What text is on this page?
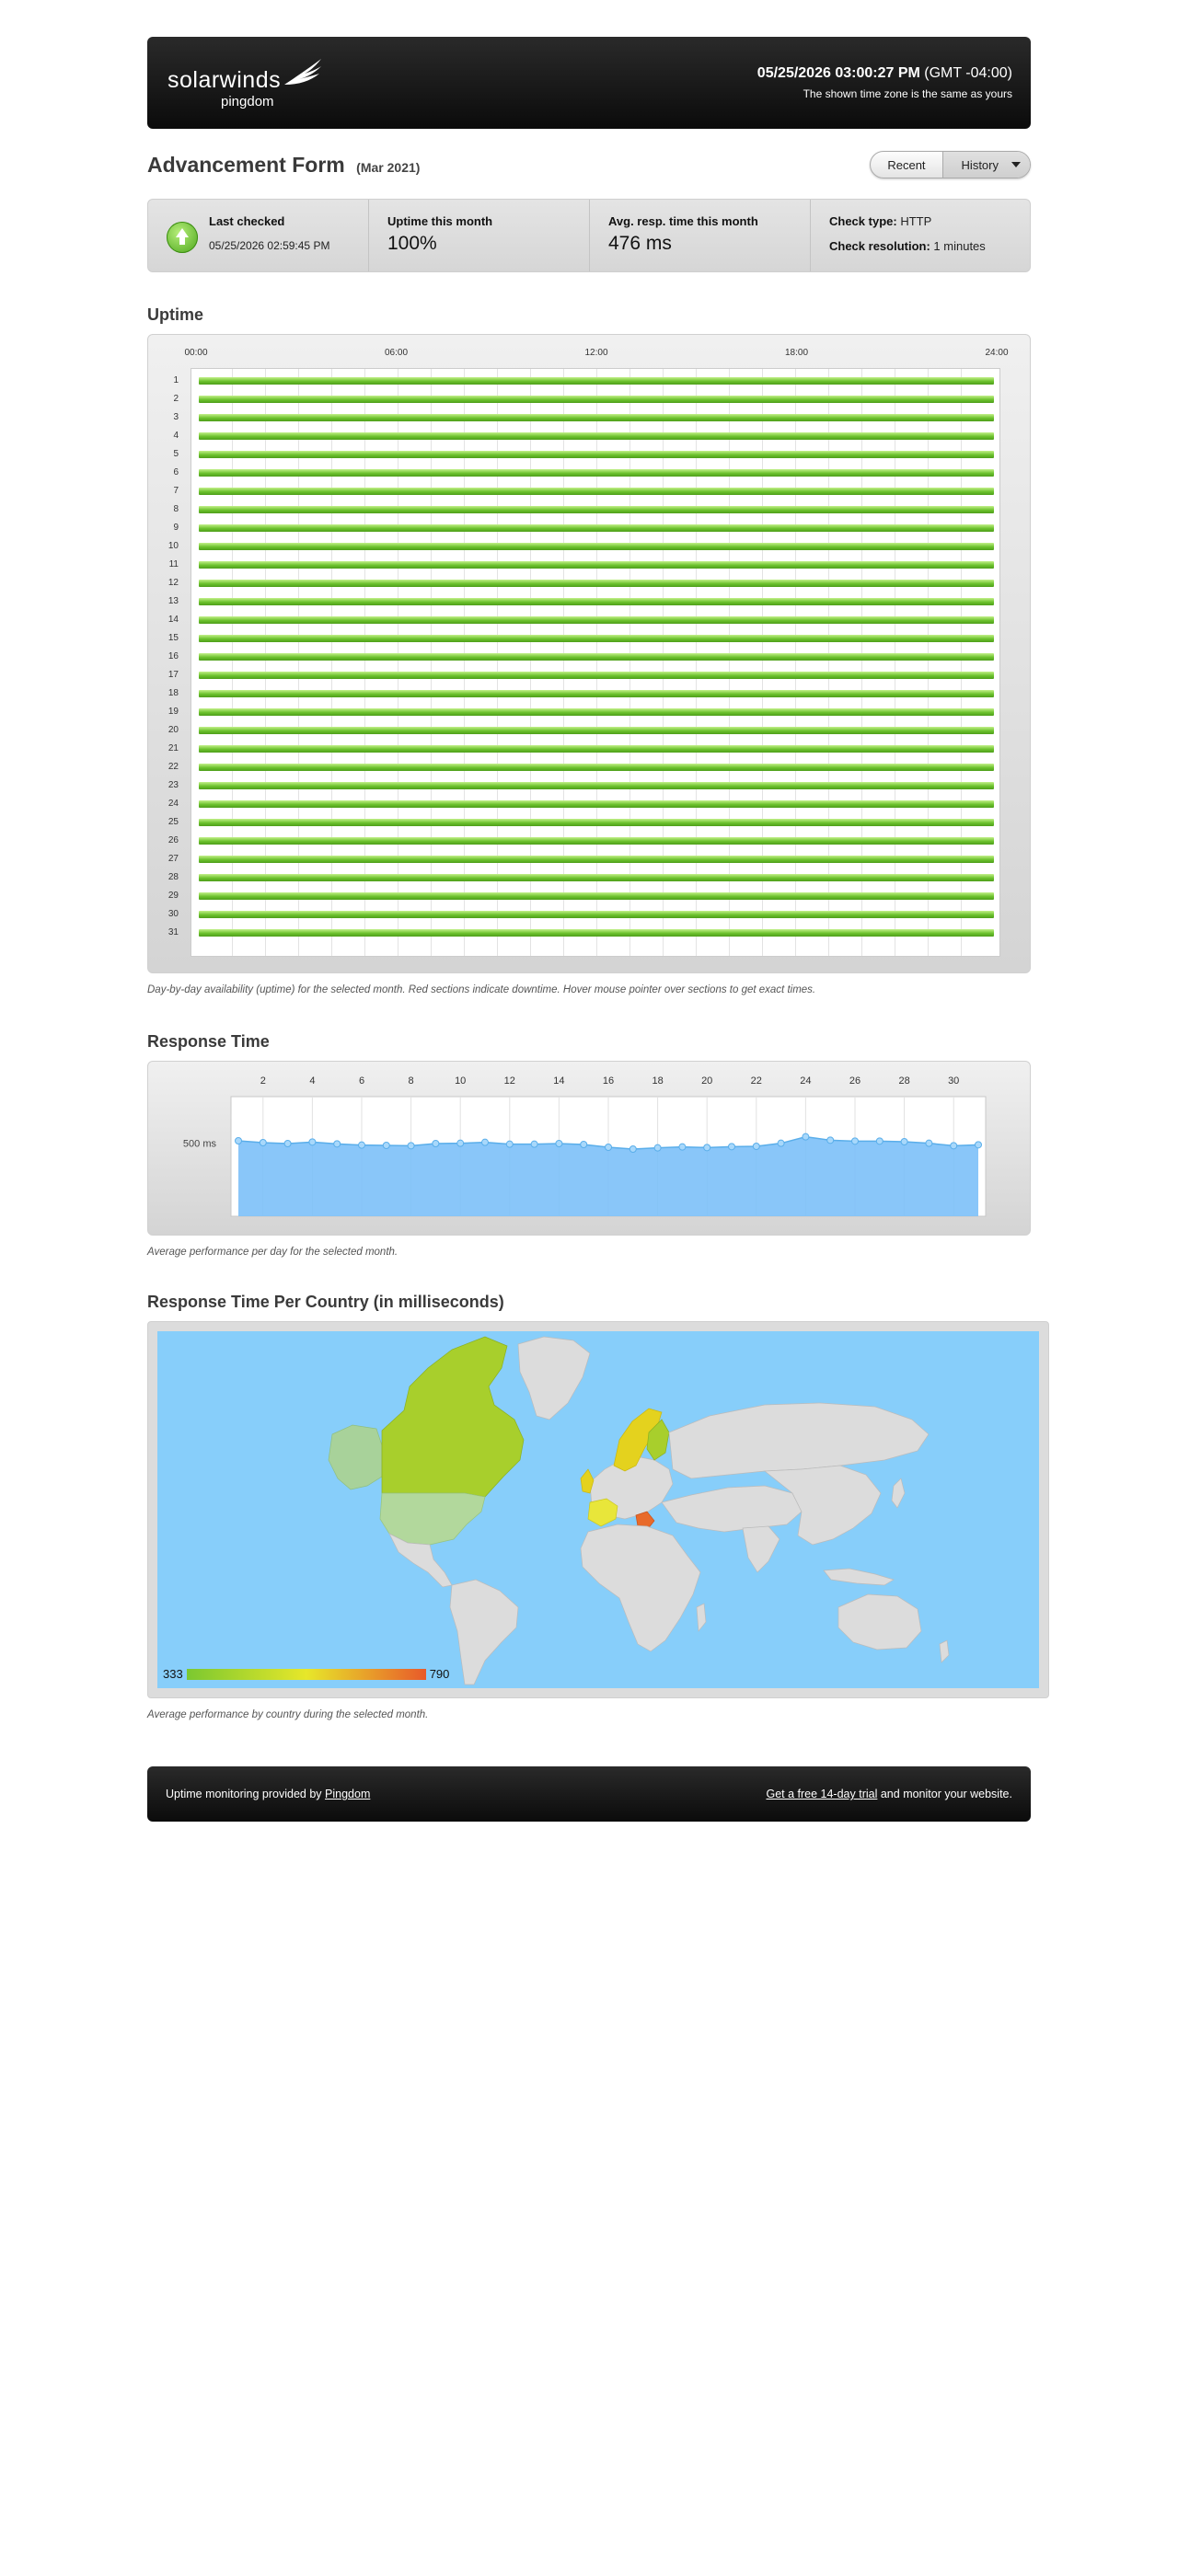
solarwinds
pingdom
05/25/2026 03:00:27 PM (GMT -04:00)
The shown time zone is the same as yours
Advancement Form (Mar 2021)	Recent	History
Last checked
05/25/2026 02:59:45 PM
Uptime this month
100%
Avg. resp. time this month
476 ms
Check type: HTTP
Check resolution: 1 minutes
Uptime
00:00	06:00	12:00	18:00	24:00
1
2
3
4
5
6
7
8
9
10
11
12
13
14
15
16
17
18
19
20
21
22
23
24
25
26
27
28
29
30
31
Day-by-day availability (uptime) for the selected month. Red sections indicate downtime. Hover mouse pointer over sections to get exact times.
Response Time
2	4	6	8	10	12	14	16	18	20	22	24	26	28	30
500 ms
Average performance per day for the selected month.
Response Time Per Country (in milliseconds)
333	790
Average performance by country during the selected month.
Uptime monitoring provided by Pingdom	Get a free 14-day trial and monitor your website.
